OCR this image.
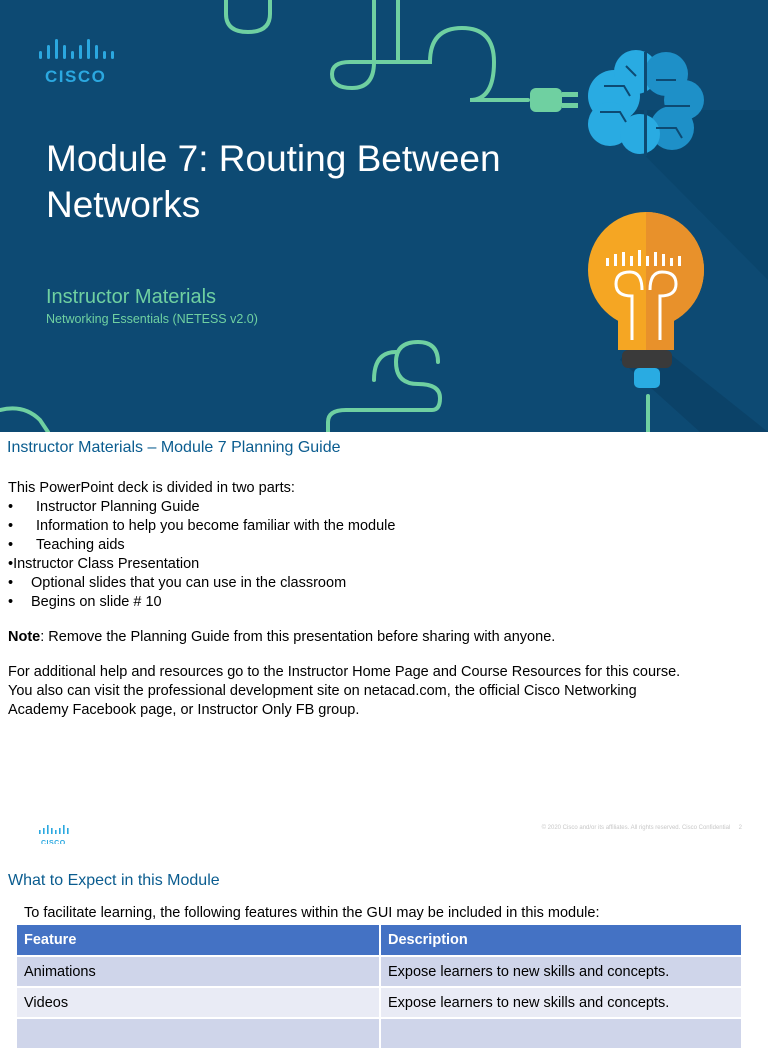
CISCO
Module 7: Routing Between Networks
Instructor Materials
Networking Essentials (NETESS v2.0)
Instructor Materials – Module 7 Planning Guide

This PowerPoint deck is divided in two parts:

•	Instructor Planning Guide
•	Information to help you become familiar with the module
•	Teaching aids

•Instructor Class Presentation

•	Optional slides that you can use in the classroom
•	Begins on slide # 10

Note: Remove the Planning Guide from this presentation before sharing with anyone.

For additional help and resources go to the Instructor Home Page and Course Resources for this course. You also can visit the professional development site on netacad.com, the official Cisco Networking Academy Facebook page, or Instructor Only FB group.

© 2020 Cisco and/or its affiliates. All rights reserved. Cisco Confidential 2
What to Expect in this Module
To facilitate learning, the following features within the GUI may be included in this module:
Feature	Description
Animations	Expose learners to new skills and concepts.
Videos	Expose learners to new skills and concepts.
